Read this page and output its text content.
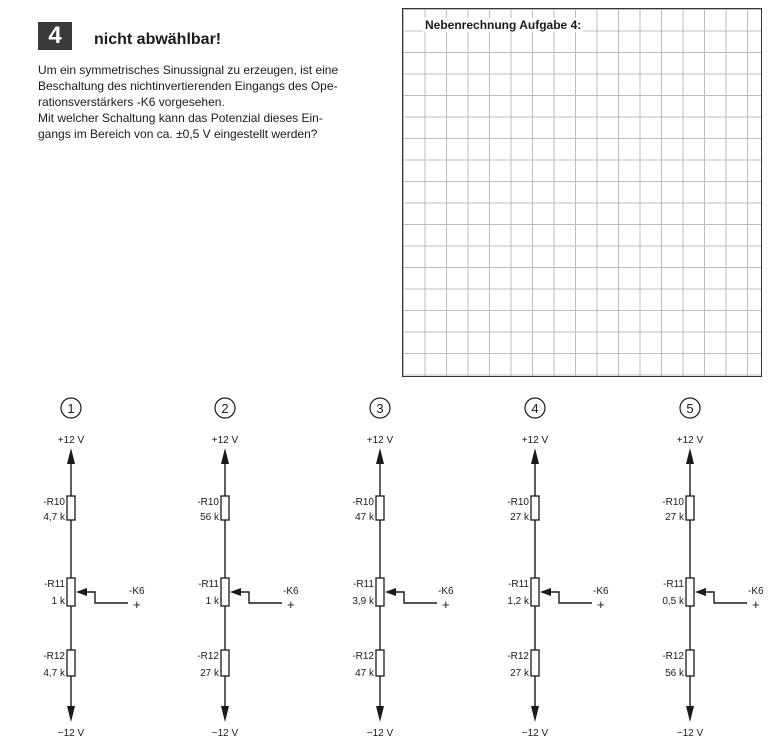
4	nicht abwählbar!

Um ein symmetrisches Sinussignal zu erzeugen, ist eine

Beschaltung des nichtinvertierenden Eingangs des Ope-

rationsverstärkers -K6 vorgesehen.

Mit welcher Schaltung kann das Potenzial dieses Ein-

gangs im Bereich von ca. ±0,5 V eingestellt werden?

Nebenrechnung Aufgabe 4:
1
+12 V
−12 V
-R10
4,7 k
-R11
1 k
-R12
4,7 k
-K6
+
2
+12 V
−12 V
-R10
56 k
-R11
1 k
-R12
27 k
-K6
+
3
+12 V
−12 V
-R10
47 k
-R11
3,9 k
-R12
47 k
-K6
+
4
+12 V
−12 V
-R10
27 k
-R11
1,2 k
-R12
27 k
-K6
+
5
+12 V
−12 V
-R10
27 k
-R11
0,5 k
-R12
56 k
-K6
+
